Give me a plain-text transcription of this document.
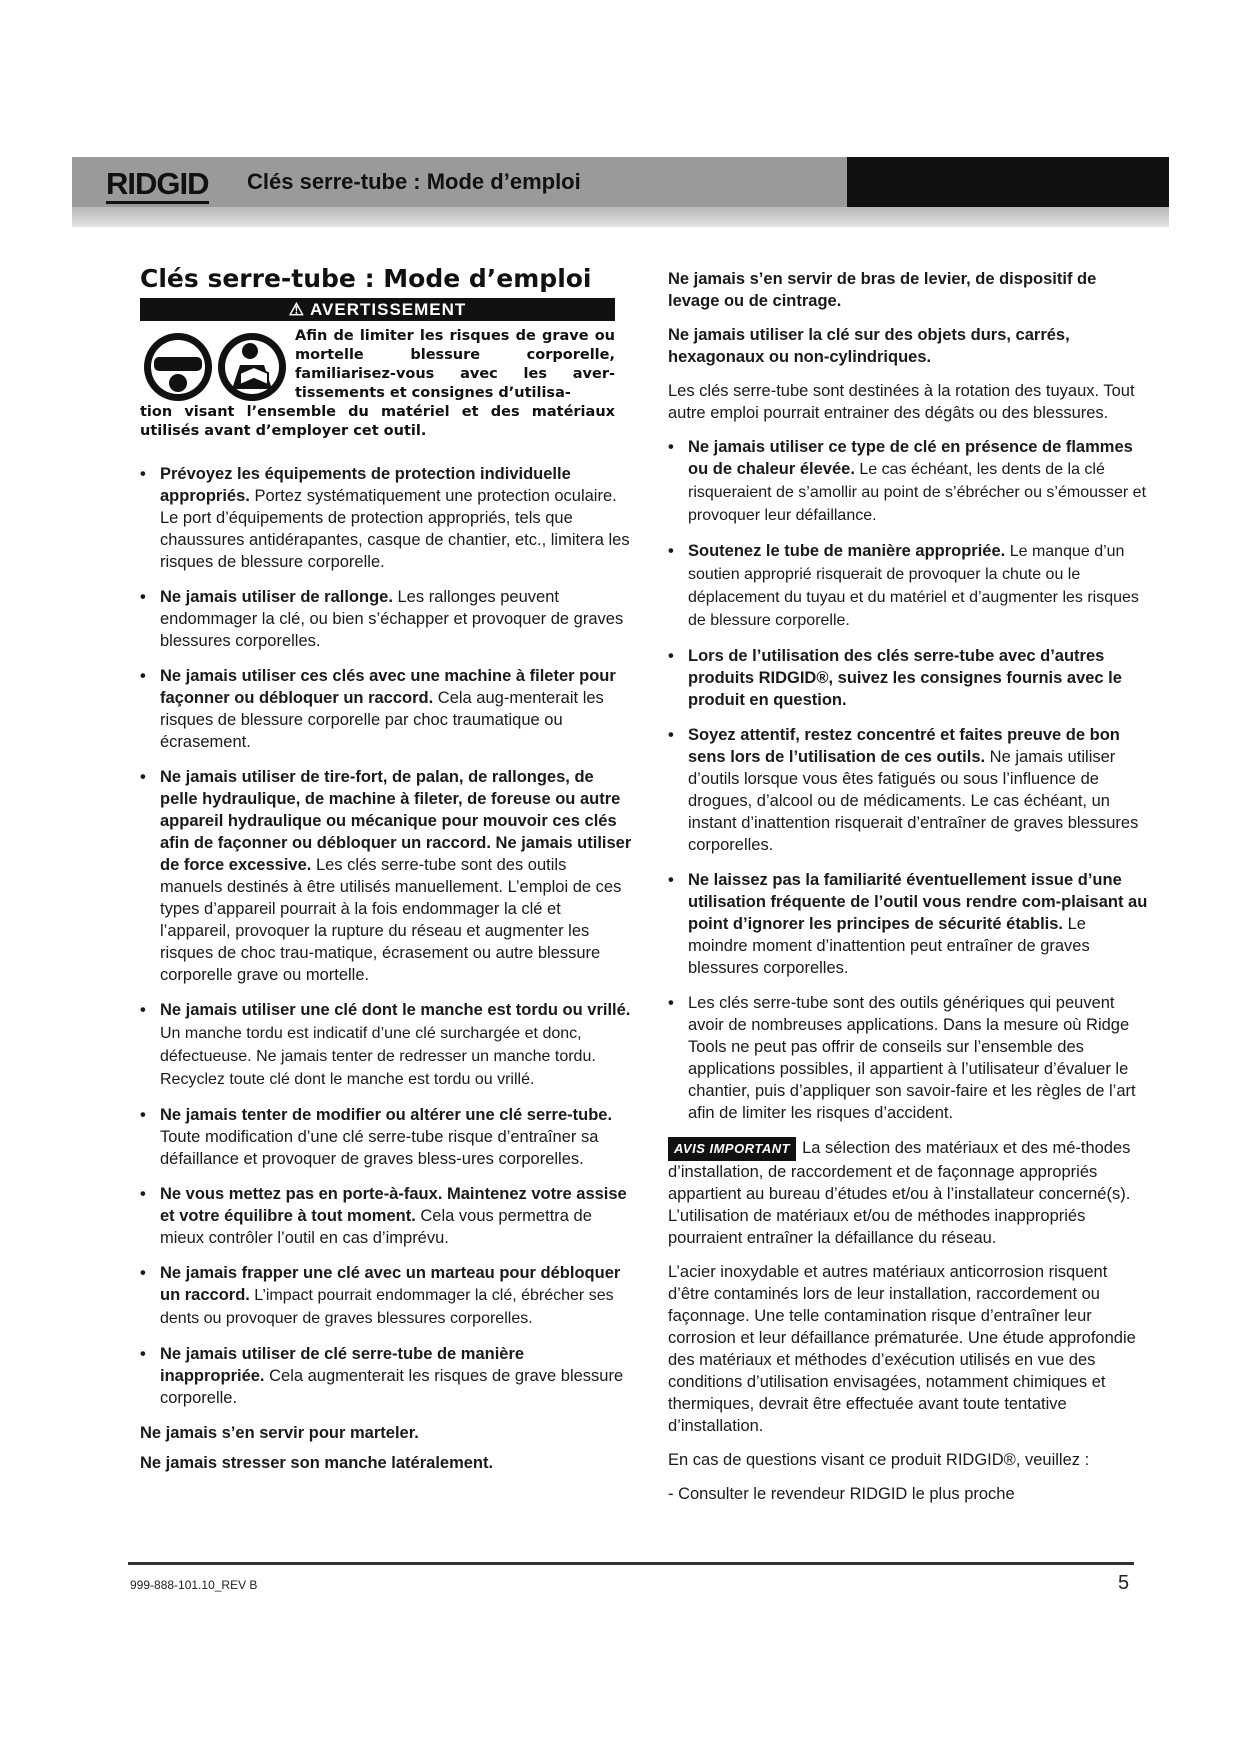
RIDGID Clés serre-tube : Mode d’emploi
Clés serre-tube : Mode d’emploi
⚠ AVERTISSEMENT
Afin de limiter les risques de grave ou mortelle blessure corporelle, familiarisez-vous avec les aver-tissements et consignes d’utilisa-
tion visant l’ensemble du matériel et des matériaux utilisés avant d’employer cet outil.
• Prévoyez les équipements de protection individuelle appropriés. Portez systématiquement une protection oculaire. Le port d’équipements de protection appropriés, tels que chaussures antidérapantes, casque de chantier, etc., limitera les risques de blessure corporelle.
• Ne jamais utiliser de rallonge. Les rallonges peuvent endommager la clé, ou bien s’échapper et provoquer de graves blessures corporelles.
• Ne jamais utiliser ces clés avec une machine à fileter pour façonner ou débloquer un raccord. Cela aug-menterait les risques de blessure corporelle par choc traumatique ou écrasement.
• Ne jamais utiliser de tire-fort, de palan, de rallonges, de pelle hydraulique, de machine à fileter, de foreuse ou autre appareil hydraulique ou mécanique pour mouvoir ces clés afin de façonner ou débloquer un raccord. Ne jamais utiliser de force excessive. Les clés serre-tube sont des outils manuels destinés à être utilisés manuellement. L’emploi de ces types d’appareil pourrait à la fois endommager la clé et l’appareil, provoquer la rupture du réseau et augmenter les risques de choc trau-matique, écrasement ou autre blessure corporelle grave ou mortelle.
• Ne jamais utiliser une clé dont le manche est tordu ou vrillé. Un manche tordu est indicatif d’une clé surchargée et donc, défectueuse. Ne jamais tenter de redresser un manche tordu. Recyclez toute clé dont le manche est tordu ou vrillé.
• Ne jamais tenter de modifier ou altérer une clé serre-tube. Toute modification d’une clé serre-tube risque d’entraîner sa défaillance et provoquer de graves bless-ures corporelles.
• Ne vous mettez pas en porte-à-faux. Maintenez votre assise et votre équilibre à tout moment. Cela vous permettra de mieux contrôler l’outil en cas d’imprévu.
• Ne jamais frapper une clé avec un marteau pour débloquer un raccord. L’impact pourrait endommager la clé, ébrécher ses dents ou provoquer de graves blessures corporelles.
• Ne jamais utiliser de clé serre-tube de manière inappropriée. Cela augmenterait les risques de grave blessure corporelle.

Ne jamais s’en servir pour marteler.

Ne jamais stresser son manche latéralement.

Ne jamais s’en servir de bras de levier, de dispositif de levage ou de cintrage.

Ne jamais utiliser la clé sur des objets durs, carrés, hexagonaux ou non-cylindriques.

Les clés serre-tube sont destinées à la rotation des tuyaux. Tout autre emploi pourrait entrainer des dégâts ou des blessures.

• Ne jamais utiliser ce type de clé en présence de flammes ou de chaleur élevée. Le cas échéant, les dents de la clé risqueraient de s’amollir au point de s’ébrécher ou s’émousser et provoquer leur défaillance.
• Soutenez le tube de manière appropriée. Le manque d’un soutien approprié risquerait de provoquer la chute ou le déplacement du tuyau et du matériel et d’augmenter les risques de blessure corporelle.
• Lors de l’utilisation des clés serre-tube avec d’autres produits RIDGID®, suivez les consignes fournis avec le produit en question.
• Soyez attentif, restez concentré et faites preuve de bon sens lors de l’utilisation de ces outils. Ne jamais utiliser d’outils lorsque vous êtes fatigués ou sous l’influence de drogues, d’alcool ou de médicaments. Le cas échéant, un instant d’inattention risquerait d’entraîner de graves blessures corporelles.
• Ne laissez pas la familiarité éventuellement issue d’une utilisation fréquente de l’outil vous rendre com-plaisant au point d’ignorer les principes de sécurité établis. Le moindre moment d’inattention peut entraîner de graves blessures corporelles.
• Les clés serre-tube sont des outils génériques qui peuvent avoir de nombreuses applications. Dans la mesure où Ridge Tools ne peut pas offrir de conseils sur l’ensemble des applications possibles, il appartient à l’utilisateur d’évaluer le chantier, puis d’appliquer son savoir-faire et les règles de l’art afin de limiter les risques d’accident.

AVIS IMPORTANT La sélection des matériaux et des mé-thodes d’installation, de raccordement et de façonnage appropriés appartient au bureau d’études et/ou à l’installateur concerné(s). L’utilisation de matériaux et/ou de méthodes inappropriés pourraient entraîner la défaillance du réseau.

L’acier inoxydable et autres matériaux anticorrosion risquent d’être contaminés lors de leur installation, raccordement ou façonnage. Une telle contamination risque d’entraîner leur corrosion et leur défaillance prématurée. Une étude approfondie des matériaux et méthodes d’exécution utilisés en vue des conditions d’utilisation envisagées, notamment chimiques et thermiques, devrait être effectuée avant toute tentative d’installation.

En cas de questions visant ce produit RIDGID®, veuillez :

- Consulter le revendeur RIDGID le plus proche

999-888-101.10_REV B	5
